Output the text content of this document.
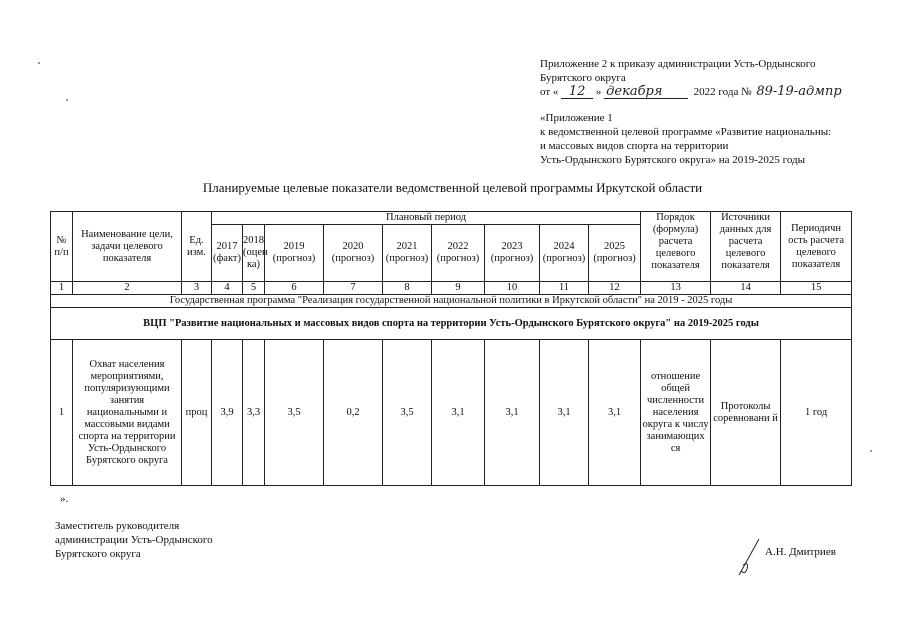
Приложение 2 к приказу администрации Усть-Ордынского
Бурятского округа
от « 12 » декабря	2022 года № 89-19-адмпр
«Приложение 1
к ведомственной целевой программе «Развитие национальны:
и массовых видов спорта на территории
Усть-Ордынского Бурятского округа» на 2019-2025 годы
Планируемые целевые показатели ведомственной целевой программы Иркутской области
№ п/п	Наименование цели, задачи целевого показателя	Ед. изм.	Плановый период									Порядок (формула) расчета целевого показателя	Источники данных для расчета целевого показателя	Периодичн ость расчета целевого показателя
			2017 (факт)	2018 (оцен ка)	2019 (прогноз)	2020 (прогноз)	2021 (прогноз)	2022 (прогноз)	2023 (прогноз)	2024 (прогноз)	2025 (прогноз)			
1	2	3	4	5	6	7	8	9	10	11	12	13	14	15
Государственная программа "Реализация государственной национальной политики в Иркутской области" на 2019 - 2025 годы														
ВЦП "Развитие национальных и массовых видов спорта на территории Усть-Ордынского Бурятского округа" на 2019-2025 годы														
1	Охват населения мероприятиями, популяризующими занятия национальными и массовыми видами спорта на территории Усть-Ордынского Бурятского округа	проц	3,9	3,3	3,5	0,2	3,5	3,1	3,1	3,1	3,1	отношение общей численности населения округа к числу занимающих ся	Протоколы соревновани й	1 год
».
Заместитель руководителя
администрации Усть-Ордынского
Бурятского округа	А.Н. Дмитриев
